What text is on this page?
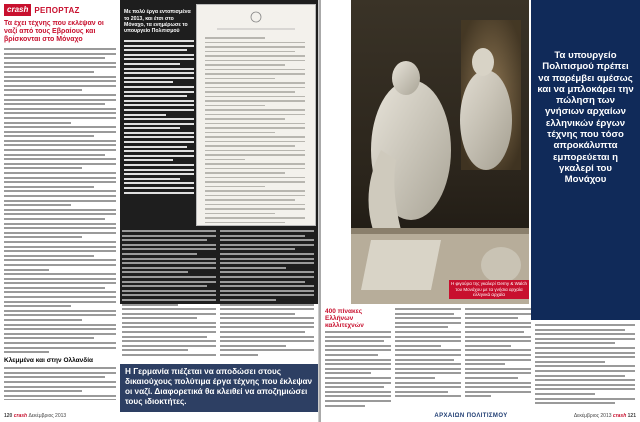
crash ΡΕΠΟΡΤΑΖ

Τα έχει τέχνης που εκλέψαν οι ναζί από τους Εβραίους και βρίσκονται στο Μόναχο

Κλεμμένα και στην Ολλανδία

Με πολύ έργα εντοπισμένα το 2013, και έτσι στο Μόναχο, τα ενημέρωσε το υπουργείο Πολιτισμού

Η Γερμανία πιέζεται να αποδώσει στους δικαιούχους πολύτιμα έργα τέχνης που έκλεψαν οι ναζί. Διαφορετικά θα κλειθεί να αποζημιώσει τους ιδιοκτήτες.
120 crash Δεκέμβριος 2013
Η φιγούρα της γκαλερί Gerny & Walch του Μονάχου με τα γνήσια αρχαία ελληνικά αρχαία
Τα υπουργείο Πολιτισμού πρέπει να παρέμβει αμέσως και να μπλοκάρει την πώληση των γνήσιων αρχαίων ελληνικών έργων τέχνης που τόσο απροκάλυπτα εμπορεύεται η γκαλερί του Μονάχου

400 πίνακες Ελλήνων καλλιτεχνών

ΑΡΧΑΙΩΝ ΠΟΛΙΤΙΣΜΟΥ	Δεκέμβριος 2013 crash 121
